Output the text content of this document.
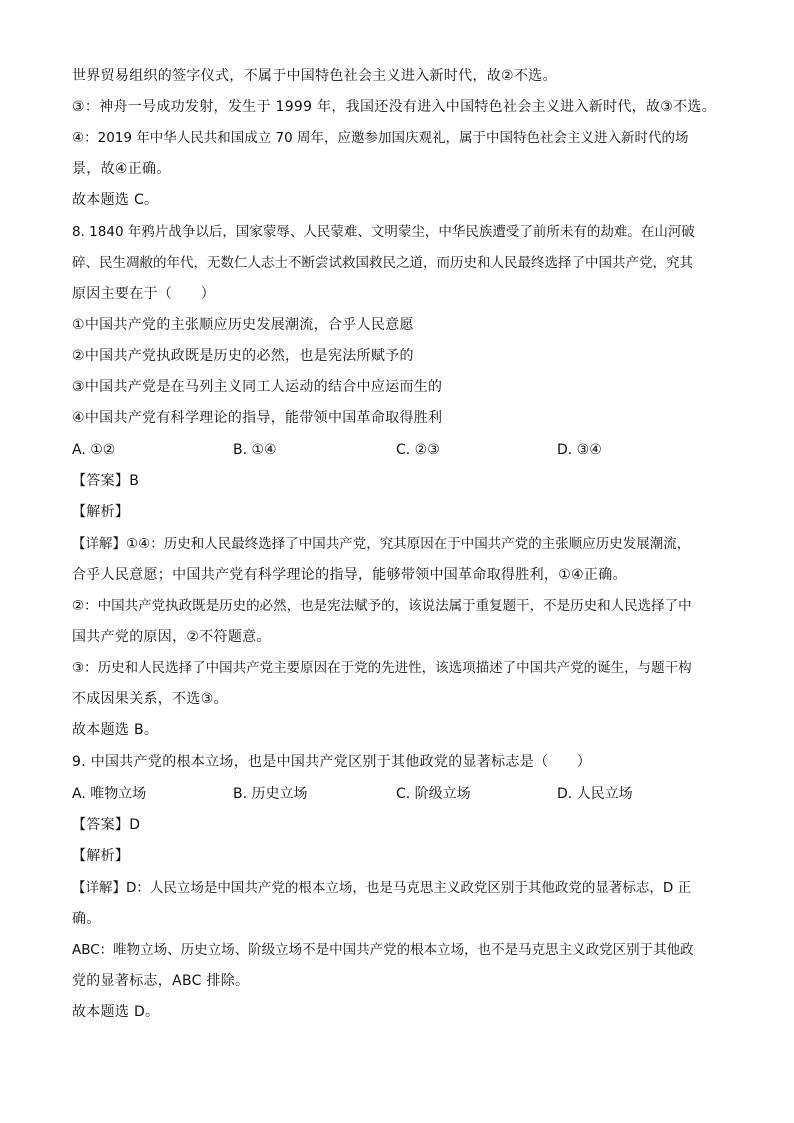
世界贸易组织的签字仪式，不属于中国特色社会主义进入新时代，故②不选。
③：神舟一号成功发射，发生于 1999 年，我国还没有进入中国特色社会主义进入新时代，故③不选。
④：2019 年中华人民共和国成立 70 周年，应邀参加国庆观礼，属于中国特色社会主义进入新时代的场
景，故④正确。
故本题选 C。
8. 1840 年鸦片战争以后，国家蒙辱、人民蒙难、文明蒙尘，中华民族遭受了前所未有的劫难。在山河破
碎、民生凋敝的年代，无数仁人志士不断尝试救国救民之道，而历史和人民最终选择了中国共产党，究其
原因主要在于（　　）
①中国共产党的主张顺应历史发展潮流，合乎人民意愿
②中国共产党执政既是历史的必然，也是宪法所赋予的
③中国共产党是在马列主义同工人运动的结合中应运而生的
④中国共产党有科学理论的指导，能带领中国革命取得胜利
A. ①②	B. ①④	C. ②③	D. ③④
【答案】B
【解析】
【详解】①④：历史和人民最终选择了中国共产党，究其原因在于中国共产党的主张顺应历史发展潮流，
合乎人民意愿；中国共产党有科学理论的指导，能够带领中国革命取得胜利，①④正确。
②：中国共产党执政既是历史的必然，也是宪法赋予的，该说法属于重复题干，不是历史和人民选择了中
国共产党的原因，②不符题意。
③：历史和人民选择了中国共产党主要原因在于党的先进性，该选项描述了中国共产党的诞生，与题干构
不成因果关系，不选③。
故本题选 B。
9. 中国共产党的根本立场，也是中国共产党区别于其他政党的显著标志是（　　）
A. 唯物立场	B. 历史立场	C. 阶级立场	D. 人民立场
【答案】D
【解析】
【详解】D：人民立场是中国共产党的根本立场，也是马克思主义政党区别于其他政党的显著标志，D 正
确。
ABC：唯物立场、历史立场、阶级立场不是中国共产党的根本立场，也不是马克思主义政党区别于其他政
党的显著标志，ABC 排除。
故本题选 D。
